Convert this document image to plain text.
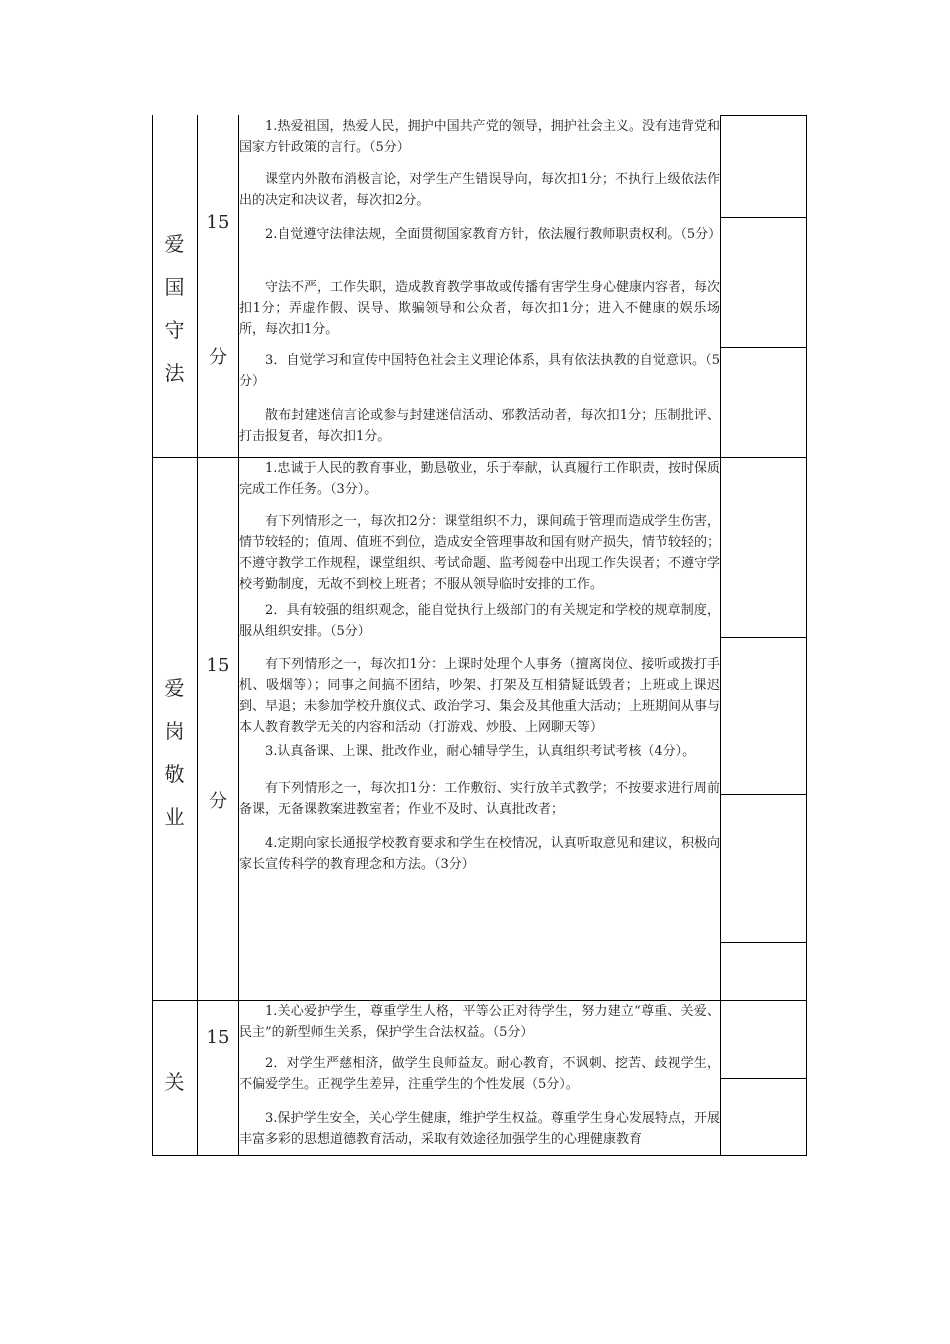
爱
国
守
法
15
分
1.热爱祖国，热爱人民，拥护中国共产党的领导，拥护社会主义。没有违背党和国家方针政策的言行。（5分）
课堂内外散布消极言论，对学生产生错误导向，每次扣1分；不执行上级依法作出的决定和决议者，每次扣2分。
2.自觉遵守法律法规，全面贯彻国家教育方针，依法履行教师职责权利。（5分）
守法不严，工作失职，造成教育教学事故或传播有害学生身心健康内容者，每次扣1分；弄虚作假、误导、欺骗领导和公众者，每次扣1分；进入不健康的娱乐场所，每次扣1分。
3．自觉学习和宣传中国特色社会主义理论体系，具有依法执教的自觉意识。（5分）
散布封建迷信言论或参与封建迷信活动、邪教活动者，每次扣1分；压制批评、打击报复者，每次扣1分。
爱
岗
敬
业
15
分
1.忠诚于人民的教育事业，勤恳敬业，乐于奉献，认真履行工作职责，按时保质完成工作任务。（3分）。
有下列情形之一，每次扣2分：课堂组织不力，课间疏于管理而造成学生伤害，情节较轻的；值周、值班不到位，造成安全管理事故和国有财产损失，情节较轻的；不遵守教学工作规程，课堂组织、考试命题、监考阅卷中出现工作失误者；不遵守学校考勤制度，无故不到校上班者；不服从领导临时安排的工作。
2．具有较强的组织观念，能自觉执行上级部门的有关规定和学校的规章制度，服从组织安排。（5分）
有下列情形之一，每次扣1分：上课时处理个人事务（擅离岗位、接听或拨打手机、吸烟等）；同事之间搞不团结，吵架、打架及互相猜疑诋毁者；上班或上课迟到、早退；未参加学校升旗仪式、政治学习、集会及其他重大活动；上班期间从事与本人教育教学无关的内容和活动（打游戏、炒股、上网聊天等）
3.认真备课、上课、批改作业，耐心辅导学生，认真组织考试考核（4分）。
有下列情形之一，每次扣1分：工作敷衍、实行放羊式教学；不按要求进行周前备课，无备课教案进教室者；作业不及时、认真批改者；
4.定期向家长通报学校教育要求和学生在校情况，认真听取意见和建议，积极向家长宣传科学的教育理念和方法。（3分）
关
15
1.关心爱护学生，尊重学生人格，平等公正对待学生，努力建立“尊重、关爱、民主”的新型师生关系，保护学生合法权益。（5分）
2．对学生严慈相济，做学生良师益友。耐心教育，不讽刺、挖苦、歧视学生，不偏爱学生。正视学生差异，注重学生的个性发展（5分）。
3.保护学生安全，关心学生健康，维护学生权益。尊重学生身心发展特点，开展丰富多彩的思想道德教育活动，采取有效途径加强学生的心理健康教育
